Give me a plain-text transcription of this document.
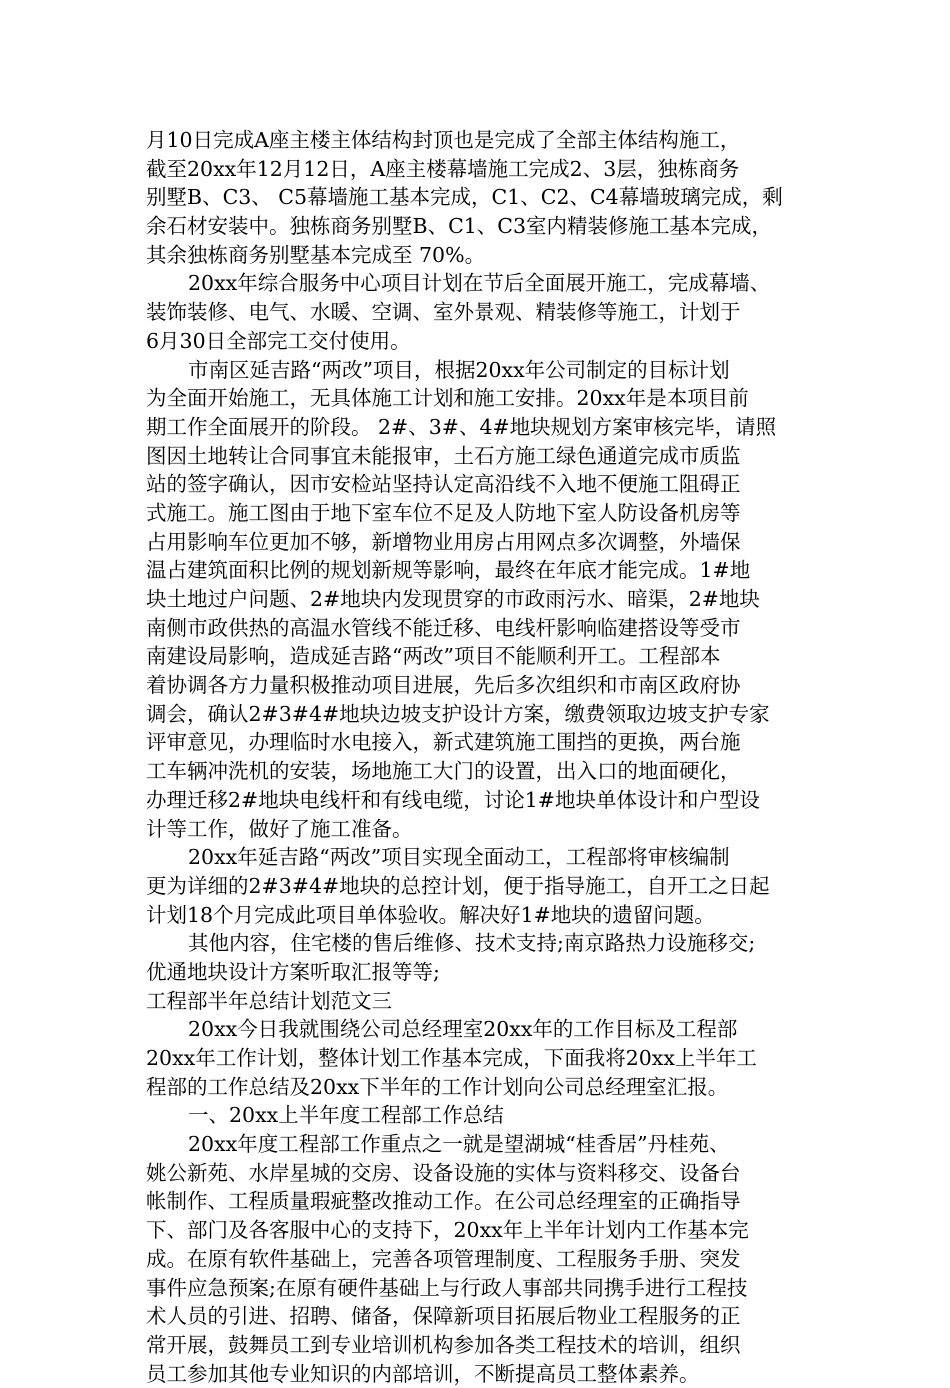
月10日完成A座主楼主体结构封顶也是完成了全部主体结构施工，
截至20xx年12月12日，A座主楼幕墙施工完成2、3层，独栋商务
别墅B、C3、 C5幕墙施工基本完成，C1、C2、C4幕墙玻璃完成，剩
余石材安装中。独栋商务别墅B、C1、C3室内精装修施工基本完成，
其余独栋商务别墅基本完成至 70%。
20xx年综合服务中心项目计划在节后全面展开施工，完成幕墙、
装饰装修、电气、水暖、空调、室外景观、精装修等施工，计划于
6月30日全部完工交付使用。
市南区延吉路“两改”项目，根据20xx年公司制定的目标计划
为全面开始施工，无具体施工计划和施工安排。20xx年是本项目前
期工作全面展开的阶段。 2#、3#、4#地块规划方案审核完毕，请照
图因土地转让合同事宜未能报审，土石方施工绿色通道完成市质监
站的签字确认，因市安检站坚持认定高沿线不入地不便施工阻碍正
式施工。施工图由于地下室车位不足及人防地下室人防设备机房等
占用影响车位更加不够，新增物业用房占用网点多次调整，外墙保
温占建筑面积比例的规划新规等影响，最终在年底才能完成。1#地
块土地过户问题、2#地块内发现贯穿的市政雨污水、暗渠，2#地块
南侧市政供热的高温水管线不能迁移、电线杆影响临建搭设等受市
南建设局影响，造成延吉路“两改”项目不能顺利开工。工程部本
着协调各方力量积极推动项目进展，先后多次组织和市南区政府协
调会，确认2#3#4#地块边坡支护设计方案，缴费领取边坡支护专家
评审意见，办理临时水电接入，新式建筑施工围挡的更换，两台施
工车辆冲洗机的安装，场地施工大门的设置，出入口的地面硬化，
办理迁移2#地块电线杆和有线电缆，讨论1#地块单体设计和户型设
计等工作，做好了施工准备。
20xx年延吉路“两改”项目实现全面动工，工程部将审核编制
更为详细的2#3#4#地块的总控计划，便于指导施工，自开工之日起
计划18个月完成此项目单体验收。解决好1#地块的遗留问题。
其他内容，住宅楼的售后维修、技术支持;南京路热力设施移交;
优通地块设计方案听取汇报等等;
工程部半年总结计划范文三
20xx今日我就围绕公司总经理室20xx年的工作目标及工程部
20xx年工作计划，整体计划工作基本完成，下面我将20xx上半年工
程部的工作总结及20xx下半年的工作计划向公司总经理室汇报。
一、20xx上半年度工程部工作总结
20xx年度工程部工作重点之一就是望湖城“桂香居”丹桂苑、
姚公新苑、水岸星城的交房、设备设施的实体与资料移交、设备台
帐制作、工程质量瑕疵整改推动工作。在公司总经理室的正确指导
下、部门及各客服中心的支持下，20xx年上半年计划内工作基本完
成。在原有软件基础上，完善各项管理制度、工程服务手册、突发
事件应急预案;在原有硬件基础上与行政人事部共同携手进行工程技
术人员的引进、招聘、储备，保障新项目拓展后物业工程服务的正
常开展，鼓舞员工到专业培训机构参加各类工程技术的培训，组织
员工参加其他专业知识的内部培训，不断提高员工整体素养。
